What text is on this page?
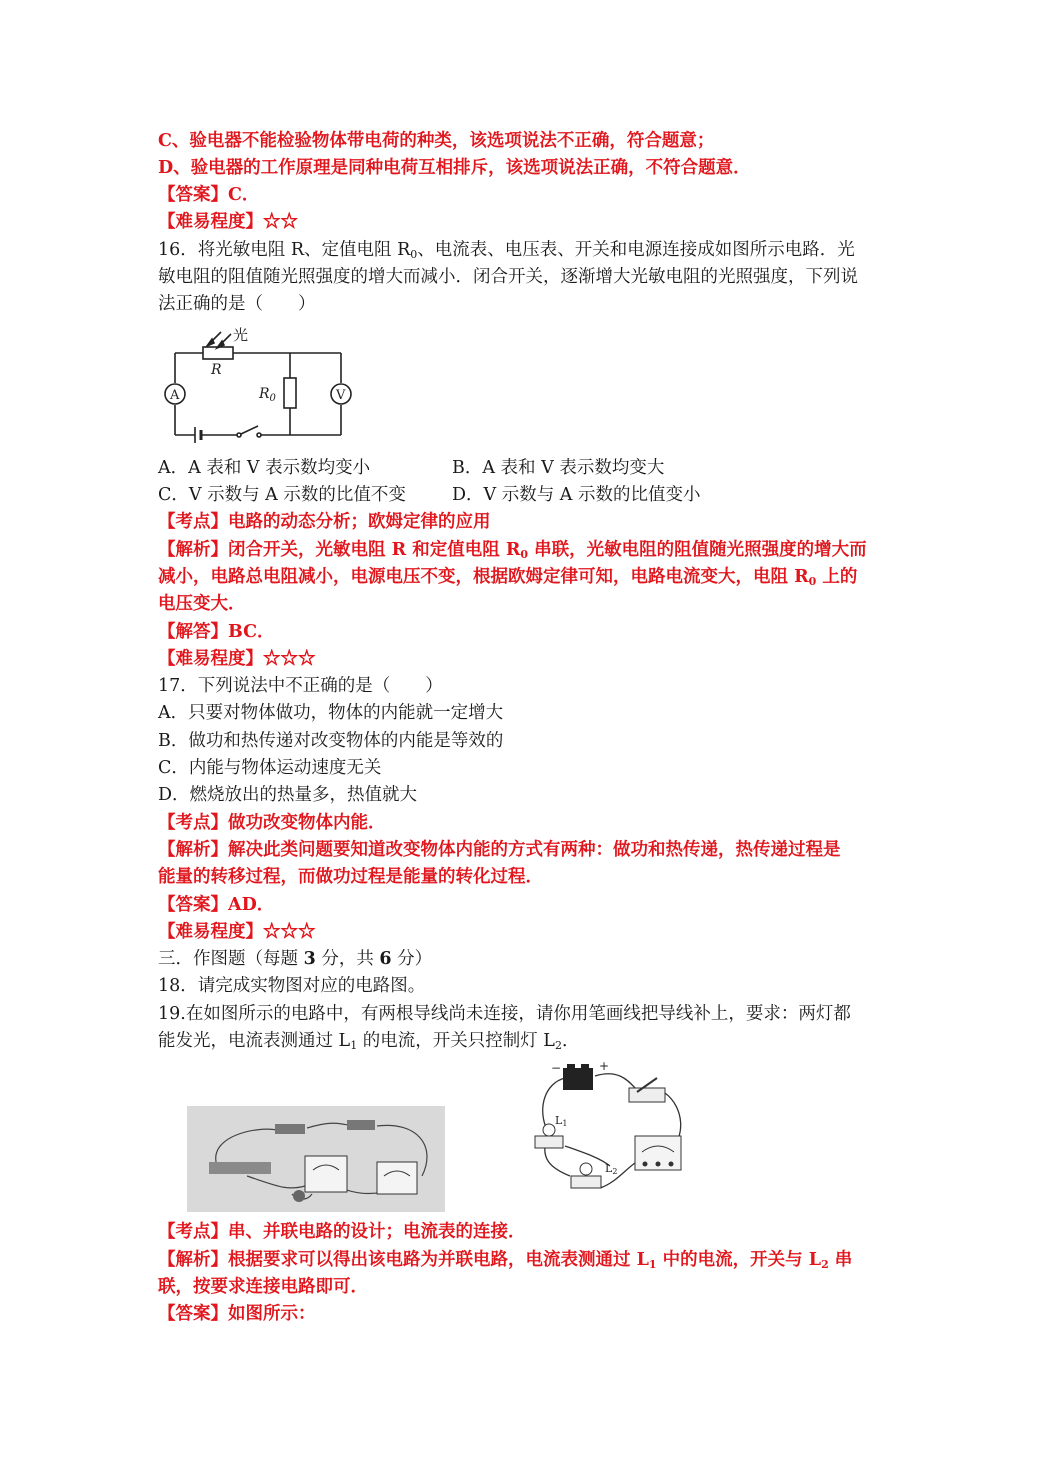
C、验电器不能检验物体带电荷的种类，该选项说法不正确，符合题意；
D、验电器的工作原理是同种电荷互相排斥，该选项说法正确，不符合题意．
【答案】C．
【难易程度】☆☆
16．将光敏电阻 R、定值电阻 $R_0$、电流表、电压表、开关和电源连接成如图所示电路．光
敏电阻的阻值随光照强度的增大而减小．闭合开关，逐渐增大光敏电阻的光照强度，下列说
法正确的是（　　）
光
R
$R_0$
A	V
A．A 表和 V 表示数均变小	B．A 表和 V 表示数均变大
C．V 示数与 A 示数的比值不变	D．V 示数与 A 示数的比值变小
【考点】电路的动态分析；欧姆定律的应用
【解析】闭合开关，光敏电阻 R 和定值电阻 $R_0$ 串联，光敏电阻的阻值随光照强度的增大而
减小，电路总电阻减小，电源电压不变，根据欧姆定律可知，电路电流变大，电阻 $R_0$ 上的
电压变大．
【解答】BC．
【难易程度】☆☆☆
17．下列说法中不正确的是（　　）
A．只要对物体做功，物体的内能就一定增大
B．做功和热传递对改变物体的内能是等效的
C．内能与物体运动速度无关
D．燃烧放出的热量多，热值就大
【考点】做功改变物体内能．
【解析】解决此类问题要知道改变物体内能的方式有两种：做功和热传递，热传递过程是
能量的转移过程，而做功过程是能量的转化过程．
【答案】AD．
【难易程度】☆☆☆
三．作图题（每题 3 分，共 6 分）
18．请完成实物图对应的电路图。
19.在如图所示的电路中，有两根导线尚未连接，请你用笔画线把导线补上，要求：两灯都
能发光，电流表测通过 $L_1$ 的电流，开关只控制灯 $L_2$．
−	+
L1
L2
【考点】串、并联电路的设计；电流表的连接．
【解析】根据要求可以得出该电路为并联电路，电流表测通过 $L_1$ 中的电流，开关与 $L_2$ 串
联，按要求连接电路即可．
【答案】如图所示：
